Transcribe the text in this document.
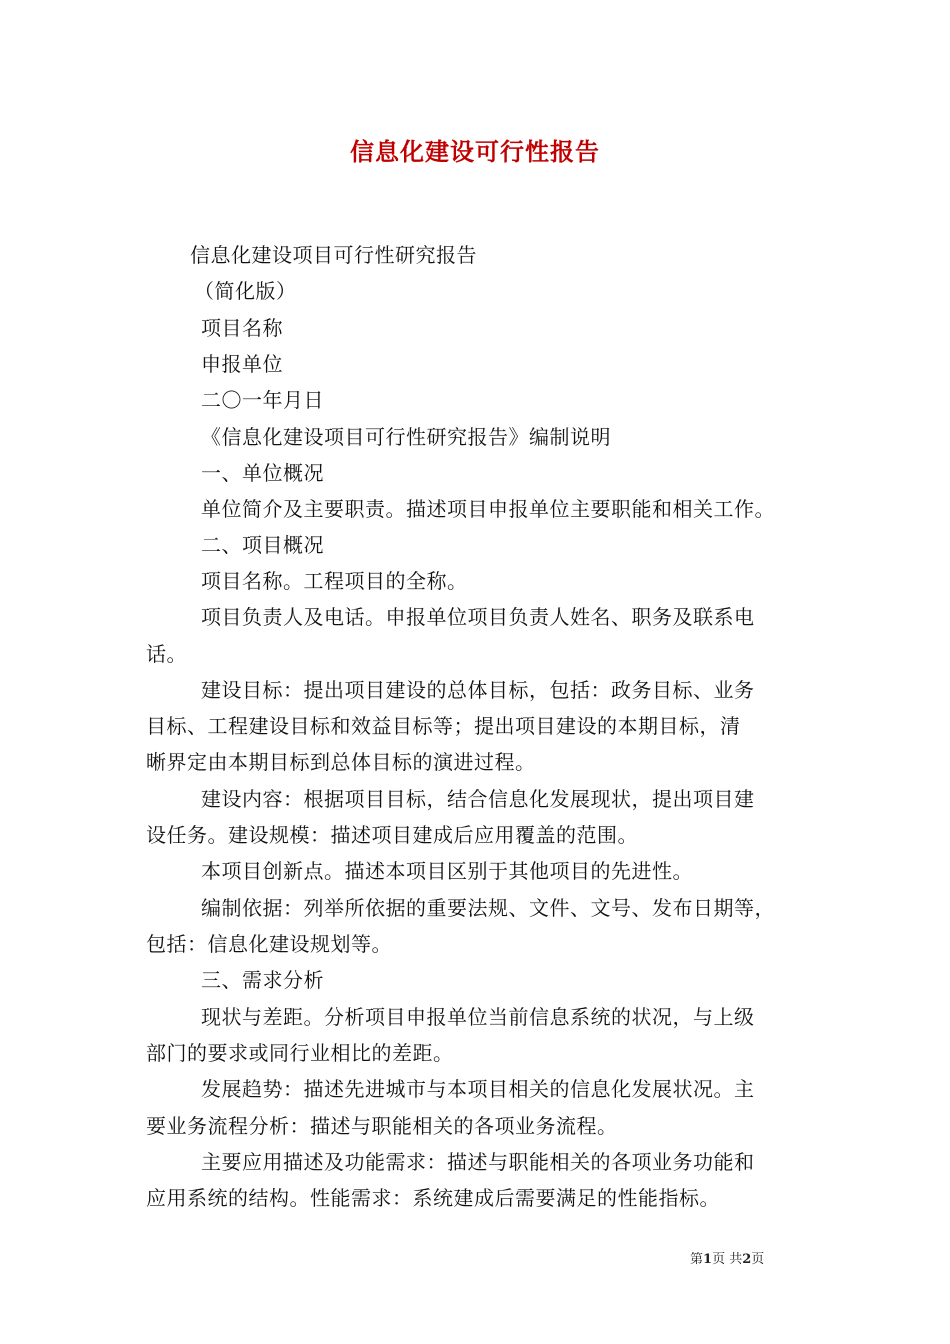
信息化建设可行性报告
信息化建设项目可行性研究报告
（简化版）
项目名称
申报单位
二〇一年月日
《信息化建设项目可行性研究报告》编制说明
一、单位概况
单位简介及主要职责。描述项目申报单位主要职能和相关工作。
二、项目概况
项目名称。工程项目的全称。
项目负责人及电话。申报单位项目负责人姓名、职务及联系电
话。
建设目标：提出项目建设的总体目标，包括：政务目标、业务
目标、工程建设目标和效益目标等；提出项目建设的本期目标，清
晰界定由本期目标到总体目标的演进过程。
建设内容：根据项目目标，结合信息化发展现状，提出项目建
设任务。建设规模：描述项目建成后应用覆盖的范围。
本项目创新点。描述本项目区别于其他项目的先进性。
编制依据：列举所依据的重要法规、文件、文号、发布日期等，
包括：信息化建设规划等。
三、需求分析
现状与差距。分析项目申报单位当前信息系统的状况，与上级
部门的要求或同行业相比的差距。
发展趋势：描述先进城市与本项目相关的信息化发展状况。主
要业务流程分析：描述与职能相关的各项业务流程。
主要应用描述及功能需求：描述与职能相关的各项业务功能和
应用系统的结构。性能需求：系统建成后需要满足的性能指标。
第1页 共2页
